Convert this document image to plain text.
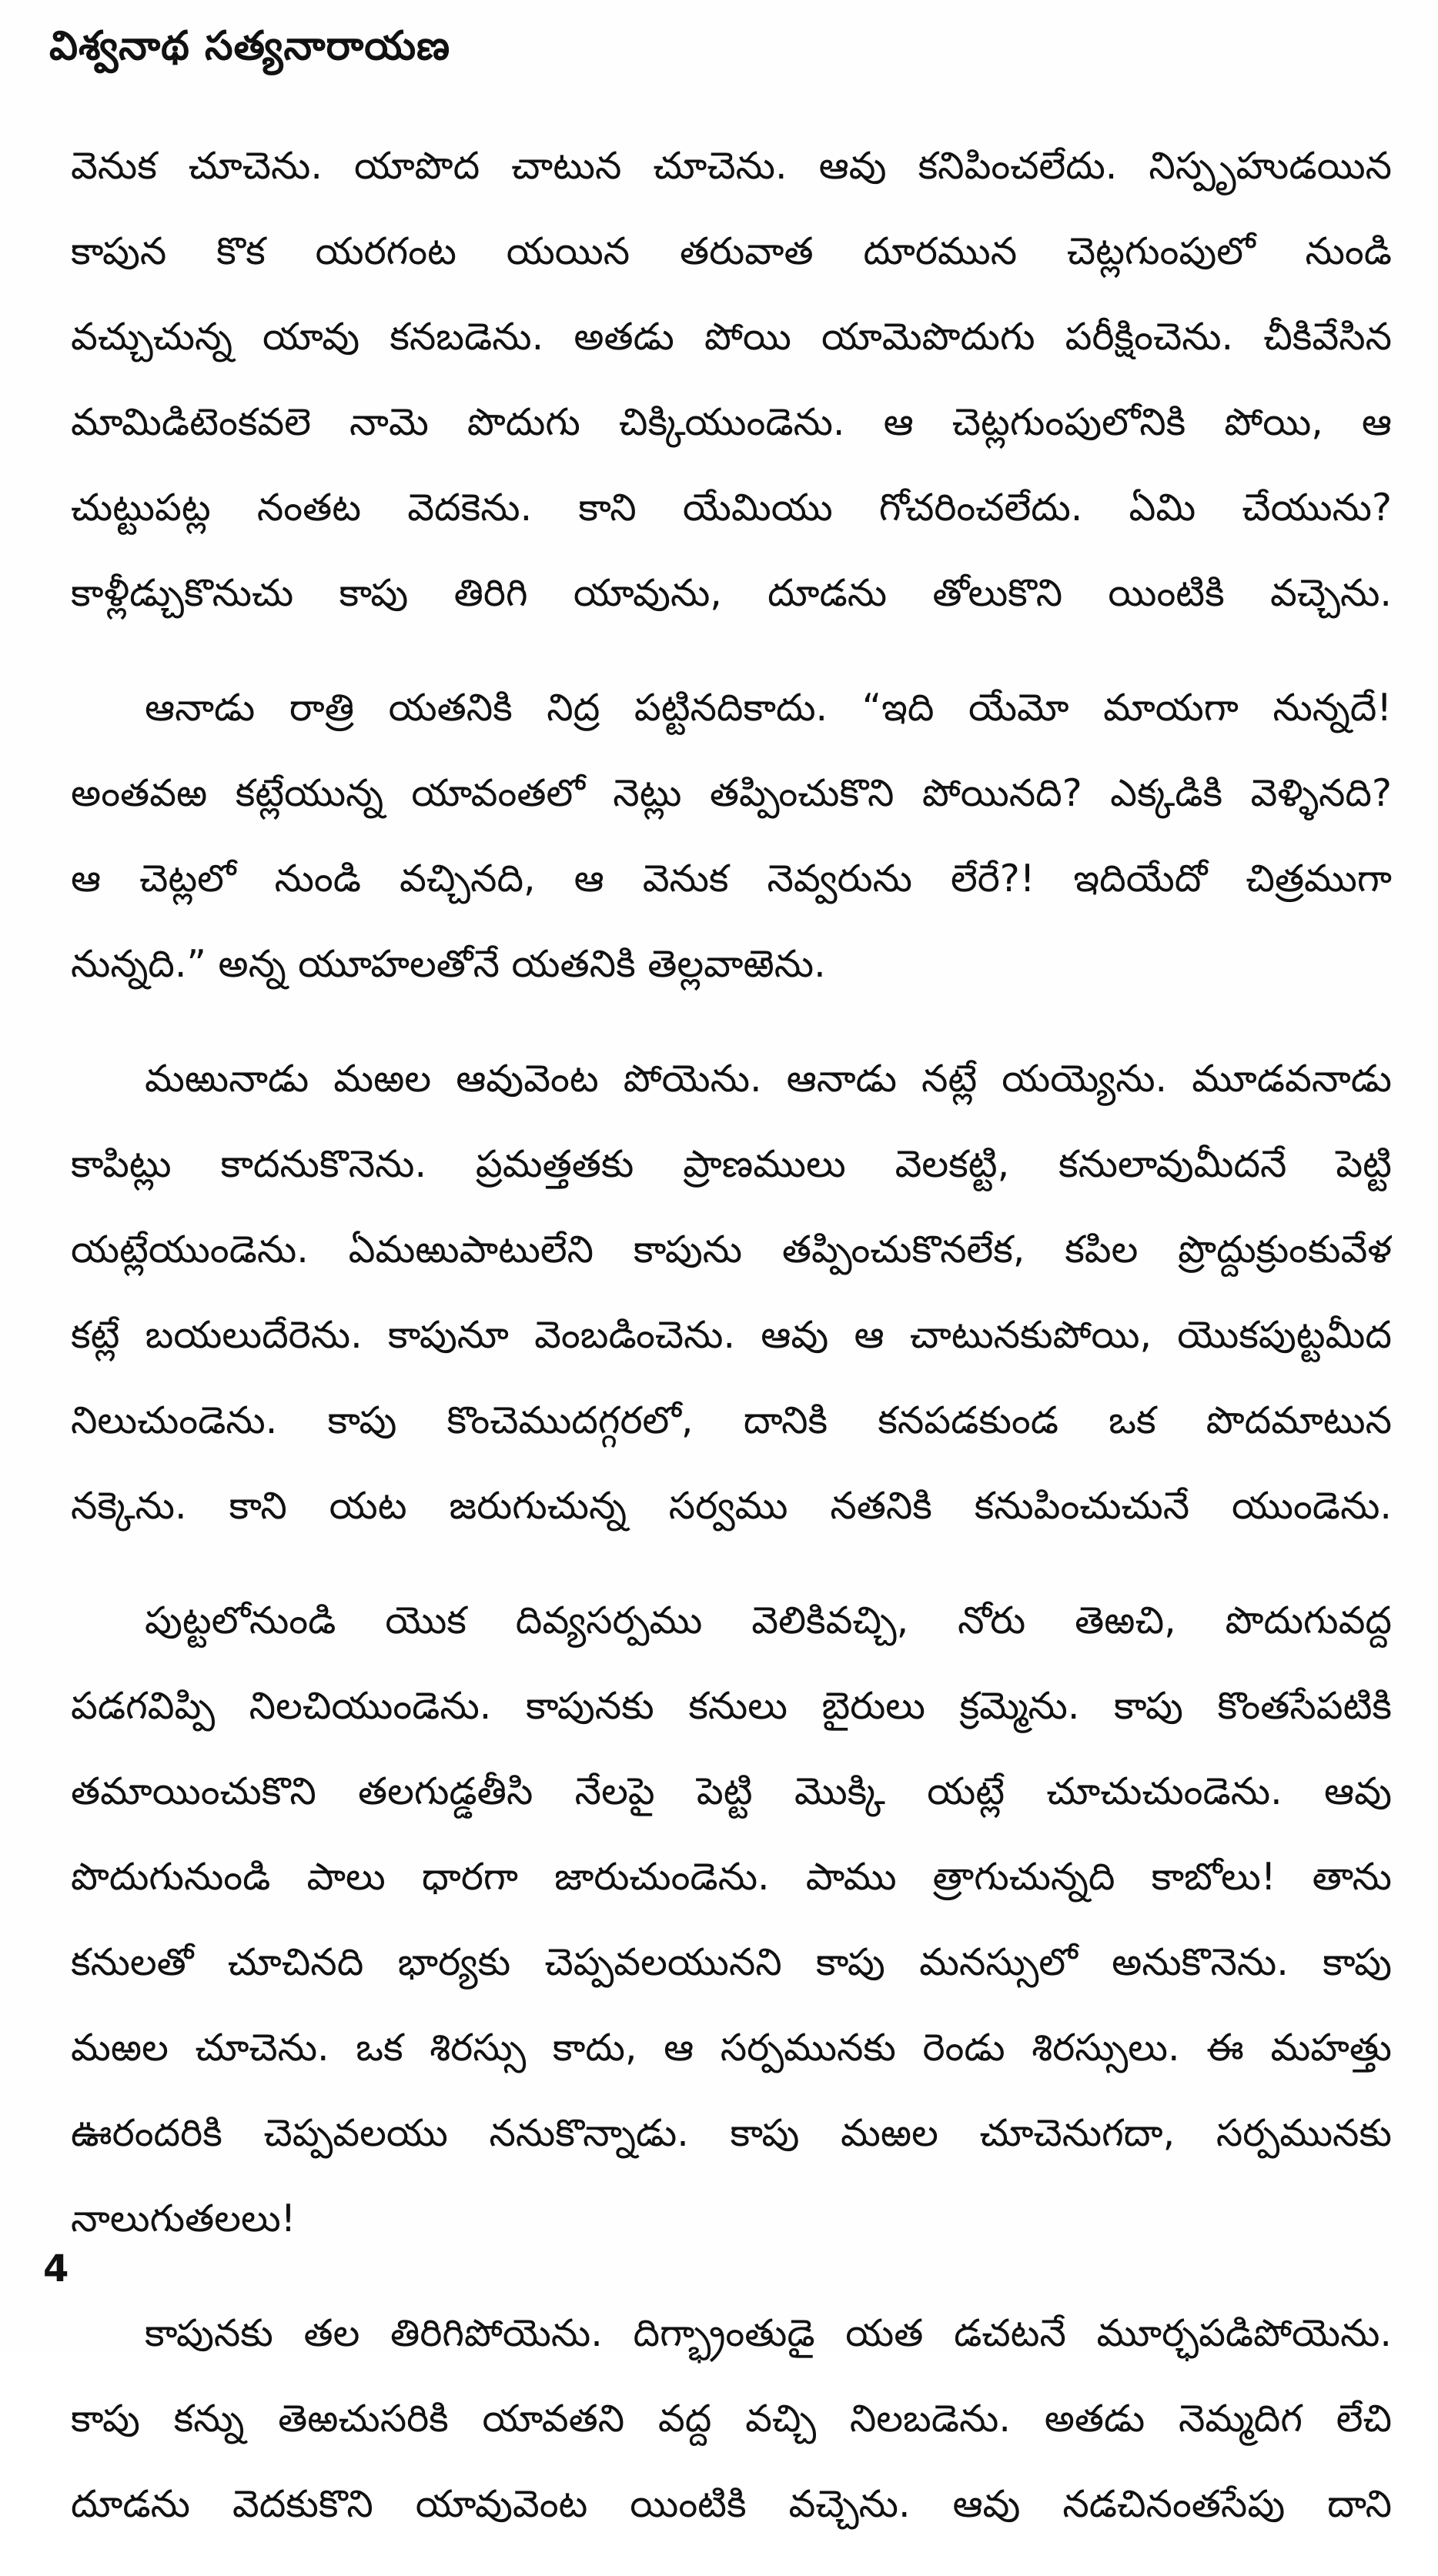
విశ్వనాథ సత్యనారాయణ
వెనుక చూచెను. యాపొద చాటున చూచెను. ఆవు కనిపించలేదు. నిస్పృహుడయిన
కాపున కొక యరగంట యయిన తరువాత దూరమున చెట్లగుంపులో నుండి
వచ్చుచున్న యావు కనబడెను. అతడు పోయి యామెపొదుగు పరీక్షించెను. చీకివేసిన
మామిడిటెంకవలె నామె పొదుగు చిక్కియుండెను. ఆ చెట్లగుంపులోనికి పోయి, ఆ
చుట్టుపట్ల నంతట వెదకెను. కాని యేమియు గోచరించలేదు. ఏమి చేయును?
కాళ్లీడ్చుకొనుచు కాపు తిరిగి యావును, దూడను తోలుకొని యింటికి వచ్చెను.
ఆనాడు రాత్రి యతనికి నిద్ర పట్టినదికాదు. “ఇది యేమో మాయగా నున్నదే!
అంతవఱ కట్లేయున్న యావంతలో నెట్లు తప్పించుకొని పోయినది? ఎక్కడికి వెళ్ళినది?
ఆ చెట్లలో నుండి వచ్చినది, ఆ వెనుక నెవ్వరును లేరే?! ఇదియేదో చిత్రముగా
నున్నది.” అన్న యూహలతోనే యతనికి తెల్లవాఱెను.
మఱునాడు మఱల ఆవువెంట పోయెను. ఆనాడు నట్లే యయ్యెను. మూడవనాడు
కాపిట్లు కాదనుకొనెను. ప్రమత్తతకు ప్రాణములు వెలకట్టి, కనులావుమీదనే పెట్టి
యట్లేయుండెను. ఏమఱుపాటులేని కాపును తప్పించుకొనలేక, కపిల ప్రొద్దుక్రుంకువేళ
కట్లే బయలుదేరెను. కాపునూ వెంబడించెను. ఆవు ఆ చాటునకుపోయి, యొకపుట్టమీద
నిలుచుండెను. కాపు కొంచెముదగ్గరలో, దానికి కనపడకుండ ఒక పొదమాటున
నక్కెను. కాని యట జరుగుచున్న సర్వము నతనికి కనుపించుచునే యుండెను.
పుట్టలోనుండి యొక దివ్యసర్పము వెలికివచ్చి, నోరు తెఱచి, పొదుగువద్ద
పడగవిప్పి నిలచియుండెను. కాపునకు కనులు బైరులు క్రమ్మెను. కాపు కొంతసేపటికి
తమాయించుకొని తలగుడ్డతీసి నేలపై పెట్టి మొక్కి యట్లే చూచుచుండెను. ఆవు
పొదుగునుండి పాలు ధారగా జారుచుండెను. పాము త్రాగుచున్నది కాబోలు! తాను
కనులతో చూచినది భార్యకు చెప్పవలయునని కాపు మనస్సులో అనుకొనెను. కాపు
మఱల చూచెను. ఒక శిరస్సు కాదు, ఆ సర్పమునకు రెండు శిరస్సులు. ఈ మహత్తు
ఊరందరికి చెప్పవలయు ననుకొన్నాడు. కాపు మఱల చూచెనుగదా, సర్పమునకు
నాలుగుతలలు!
కాపునకు తల తిరిగిపోయెను. దిగ్భ్రాంతుడై యత డచటనే మూర్ఛపడిపోయెను.
కాపు కన్ను తెఱచుసరికి యావతని వద్ద వచ్చి నిలబడెను. అతడు నెమ్మదిగ లేచి
దూడను వెదకుకొని యావువెంట యింటికి వచ్చెను. ఆవు నడచినంతసేపు దాని
4
